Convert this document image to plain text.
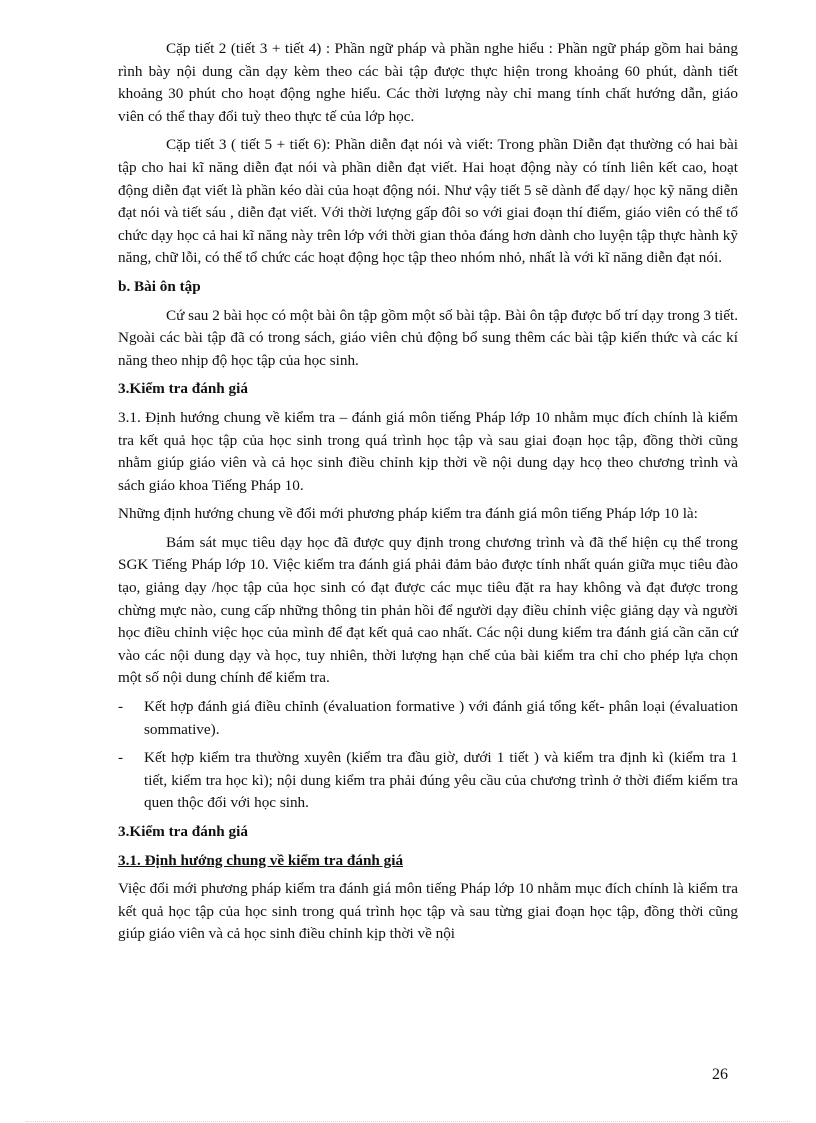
Cặp tiết 2 (tiết 3 + tiết 4) : Phần ngữ pháp và phần nghe hiểu : Phần ngữ pháp gồm hai bảng rình bày nội dung cần dạy kèm theo các bài tập được thực hiện trong khoảng 60 phút, dành tiết khoảng 30 phút cho hoạt động nghe hiểu. Các thời lượng này chỉ mang tính chất hướng dẫn, giáo viên có thể thay đổi tuỳ theo thực tế của lớp học.

Cặp tiết 3 ( tiết 5 + tiết 6): Phần diễn đạt nói và viết: Trong phần Diễn đạt thường có hai bài tập cho hai kĩ năng diễn đạt nói và phần diễn đạt viết. Hai hoạt động này có tính liên kết cao, hoạt động diễn đạt viết là phần kéo dài của hoạt động nói. Như vậy tiết 5 sẽ dành để dạy/ học kỹ năng diễn đạt nói và tiết sáu , diễn đạt viết. Với thời lượng gấp đôi so với giai đoạn thí điểm, giáo viên có thể tổ chức dạy học cả hai kĩ năng này trên lớp với thời gian thỏa đáng hơn dành cho luyện tập thực hành kỹ năng, chữ lỗi, có thể tổ chức các hoạt động học tập theo nhóm nhỏ, nhất là với kĩ năng diễn đạt nói.

b. Bài ôn tập

Cứ sau 2 bài học có một bài ôn tập gồm một số bài tập. Bài ôn tập được bố trí dạy trong 3 tiết. Ngoài các bài tập đã có trong sách, giáo viên chủ động bổ sung thêm các bài tập kiến thức và các kí năng theo nhịp độ học tập của học sinh.

3.Kiểm tra đánh giá

3.1. Định hướng chung về kiểm tra – đánh giá môn tiếng Pháp lớp 10 nhằm mục đích chính là kiểm tra kết quả học tập của học sinh trong quá trình học tập và sau giai đoạn học tập, đồng thời cũng nhằm giúp giáo viên và cả học sinh điều chỉnh kịp thời về nội dung dạy hcọ theo chương trình và sách giáo khoa Tiếng Pháp 10.

Những định hướng chung về đổi mới phương pháp kiểm tra đánh giá môn tiếng Pháp lớp 10 là:

Bám sát mục tiêu dạy học đã được quy định trong chương trình và đã thể hiện cụ thể trong SGK Tiếng Pháp lớp 10. Việc kiểm tra đánh giá phải đảm bảo được tính nhất quán giữa mục tiêu đào tạo, giảng dạy /học tập của học sinh có đạt được các mục tiêu đặt ra hay không và đạt được trong chừng mực nào, cung cấp những thông tin phản hồi để người dạy điều chỉnh việc giảng dạy và người học điều chỉnh việc học của mình để đạt kết quả cao nhất. Các nội dung kiểm tra đánh giá cần căn cứ vào các nội dung dạy và học, tuy nhiên, thời lượng hạn chế của bài kiểm tra chỉ cho phép lựa chọn một số nội dung chính để kiểm tra.

-	Kết hợp đánh giá điều chỉnh (évaluation formative ) với đánh giá tổng kết- phân loại (évaluation sommative).
-	Kết hợp kiểm tra thường xuyên (kiểm tra đầu giờ, dưới 1 tiết ) và kiểm tra định kì (kiểm tra 1 tiết, kiểm tra học kì); nội dung kiểm tra phải đúng yêu cầu của chương trình ở thời điểm kiểm tra quen thộc đối với học sinh.

3.Kiểm tra đánh giá

3.1. Định hướng chung về kiểm tra đánh giá

Việc đổi mới phương pháp kiểm tra đánh giá môn tiếng Pháp lớp 10 nhằm mục đích chính là kiểm tra kết quả học tập của học sinh trong quá trình học tập và sau từng giai đoạn học tập, đồng thời cũng giúp giáo viên và cả học sinh điều chỉnh kịp thời về nội

26
